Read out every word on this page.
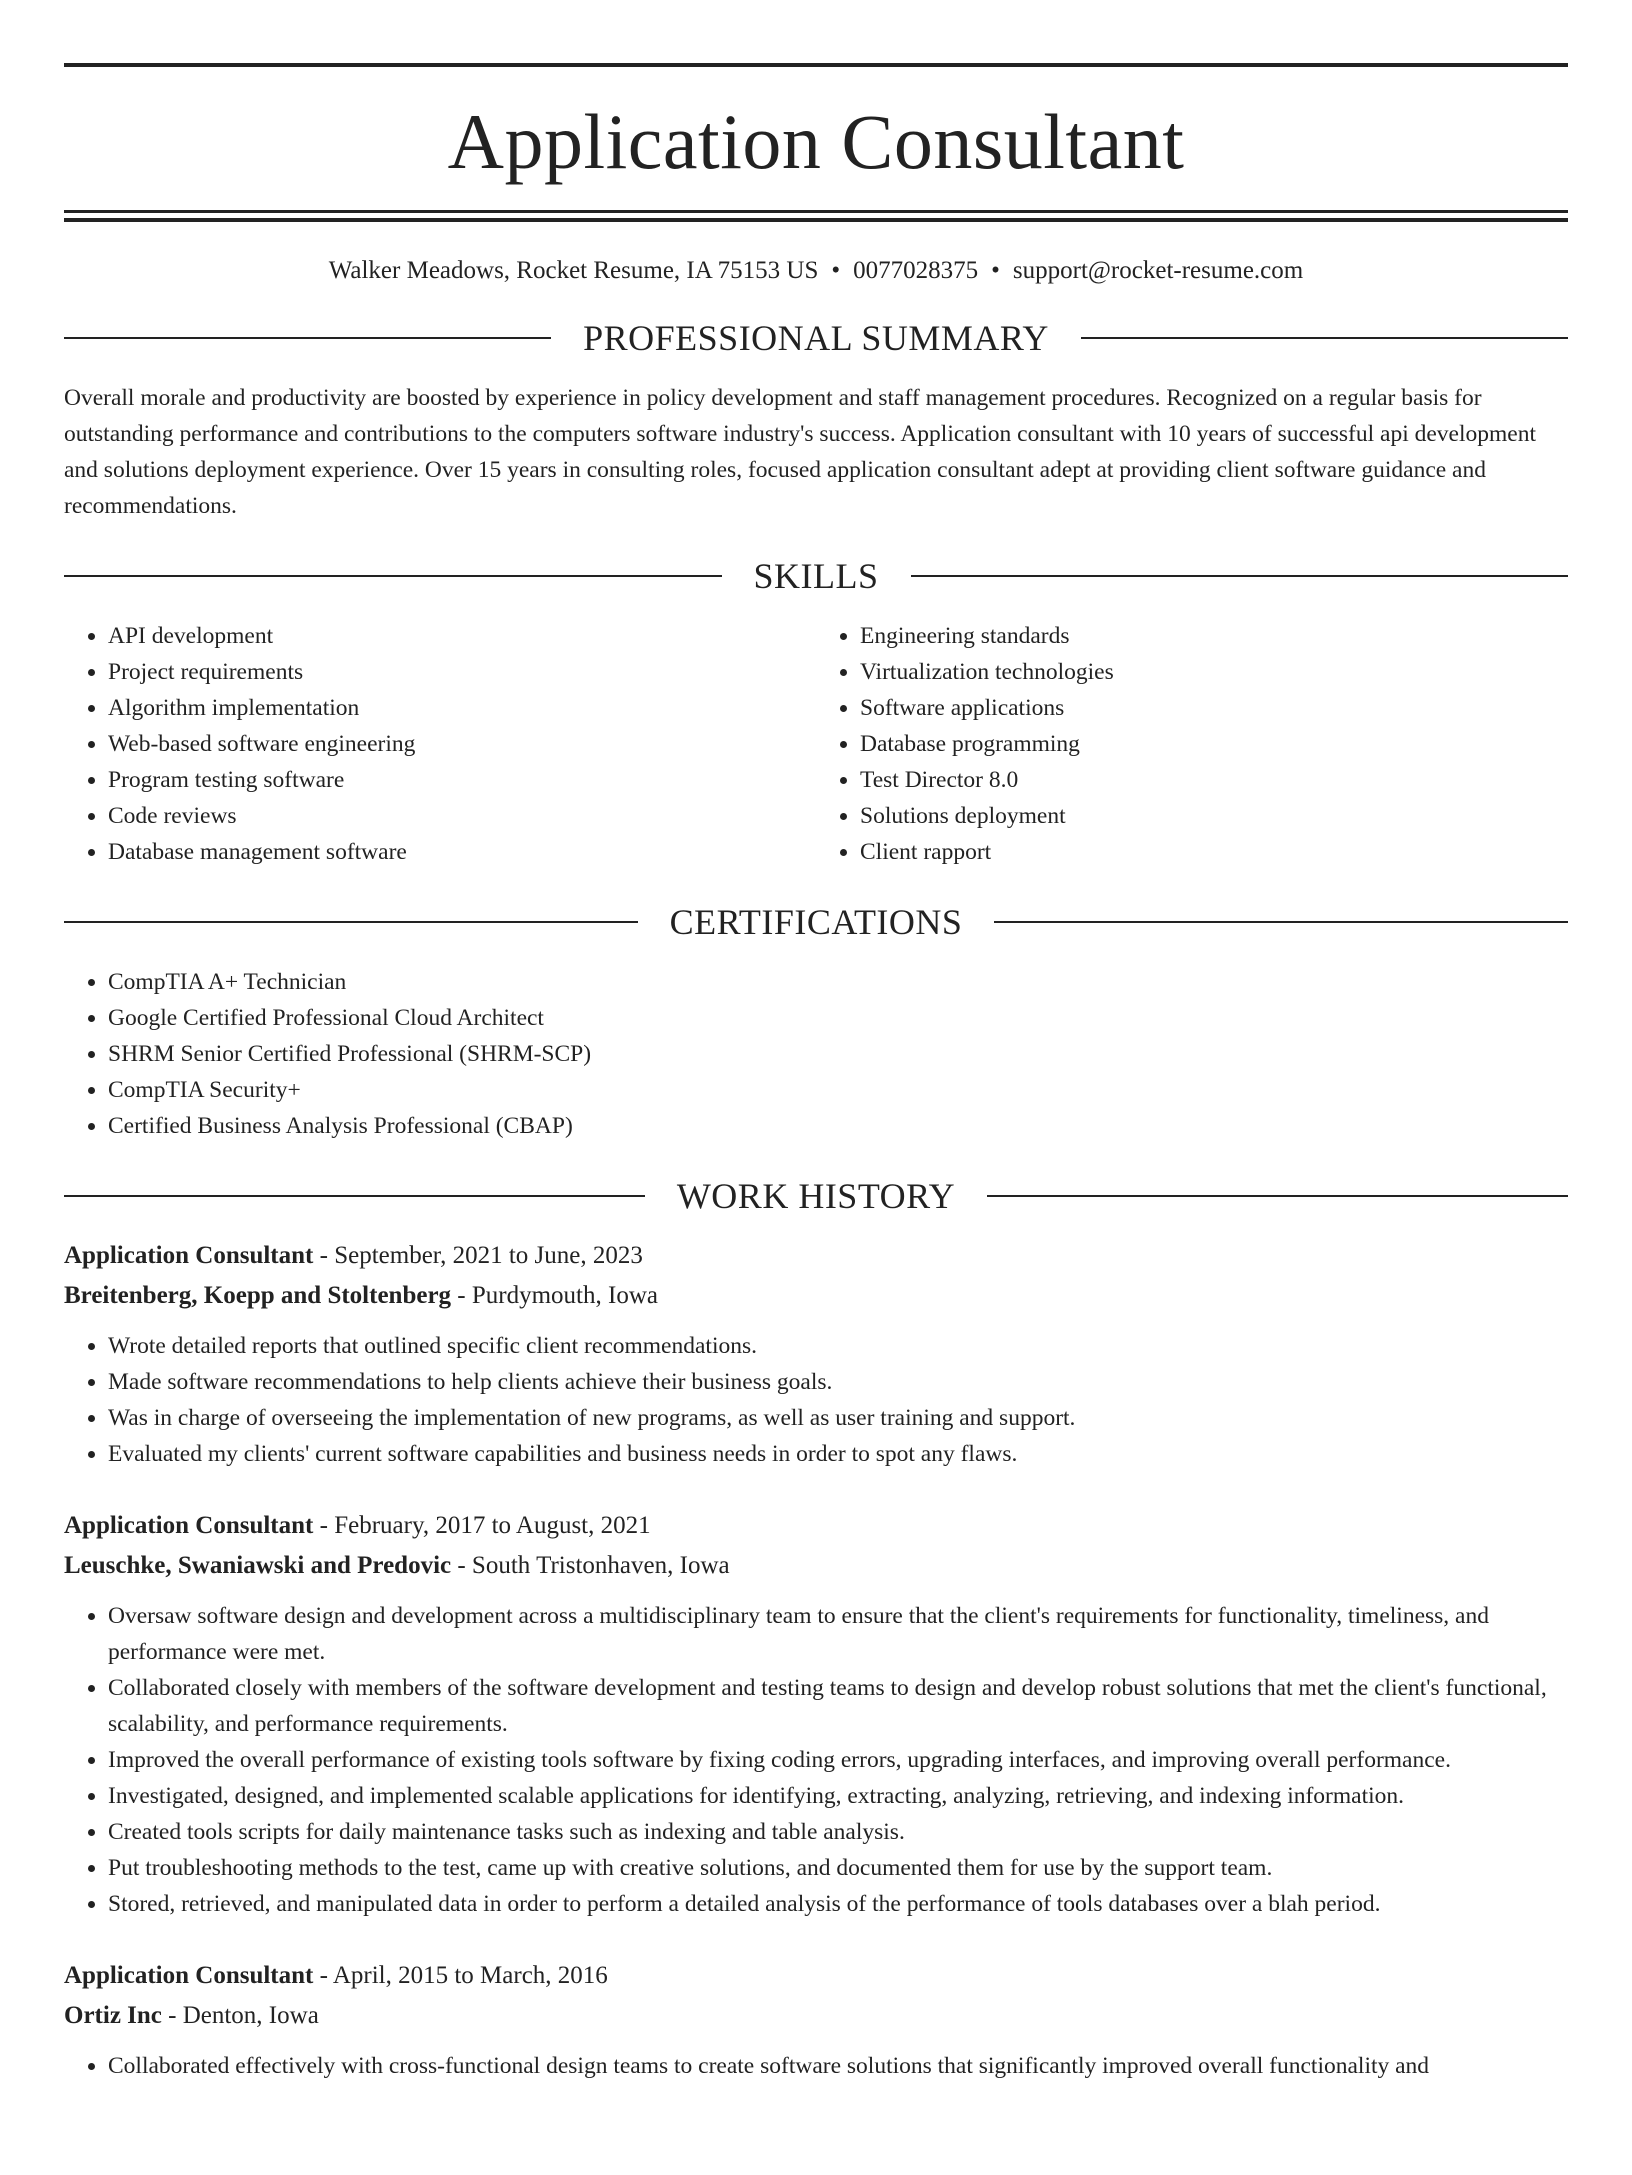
Application Consultant
Walker Meadows, Rocket Resume, IA 75153 US • 0077028375 • support@rocket-resume.com
PROFESSIONAL SUMMARY
Overall morale and productivity are boosted by experience in policy development and staff management procedures. Recognized on a regular basis for outstanding performance and contributions to the computers software industry's success. Application consultant with 10 years of successful api development and solutions deployment experience. Over 15 years in consulting roles, focused application consultant adept at providing client software guidance and recommendations.
SKILLS
• API development
• Project requirements
• Algorithm implementation
• Web-based software engineering
• Program testing software
• Code reviews
• Database management software
• Engineering standards
• Virtualization technologies
• Software applications
• Database programming
• Test Director 8.0
• Solutions deployment
• Client rapport
CERTIFICATIONS
• CompTIA A+ Technician
• Google Certified Professional Cloud Architect
• SHRM Senior Certified Professional (SHRM-SCP)
• CompTIA Security+
• Certified Business Analysis Professional (CBAP)
WORK HISTORY
Application Consultant - September, 2021 to June, 2023
Breitenberg, Koepp and Stoltenberg - Purdymouth, Iowa
• Wrote detailed reports that outlined specific client recommendations.
• Made software recommendations to help clients achieve their business goals.
• Was in charge of overseeing the implementation of new programs, as well as user training and support.
• Evaluated my clients' current software capabilities and business needs in order to spot any flaws.
Application Consultant - February, 2017 to August, 2021
Leuschke, Swaniawski and Predovic - South Tristonhaven, Iowa
• Oversaw software design and development across a multidisciplinary team to ensure that the client's requirements for functionality, timeliness, and performance were met.
• Collaborated closely with members of the software development and testing teams to design and develop robust solutions that met the client's functional, scalability, and performance requirements.
• Improved the overall performance of existing tools software by fixing coding errors, upgrading interfaces, and improving overall performance.
• Investigated, designed, and implemented scalable applications for identifying, extracting, analyzing, retrieving, and indexing information.
• Created tools scripts for daily maintenance tasks such as indexing and table analysis.
• Put troubleshooting methods to the test, came up with creative solutions, and documented them for use by the support team.
• Stored, retrieved, and manipulated data in order to perform a detailed analysis of the performance of tools databases over a blah period.
Application Consultant - April, 2015 to March, 2016
Ortiz Inc - Denton, Iowa
• Collaborated effectively with cross-functional design teams to create software solutions that significantly improved overall functionality and
